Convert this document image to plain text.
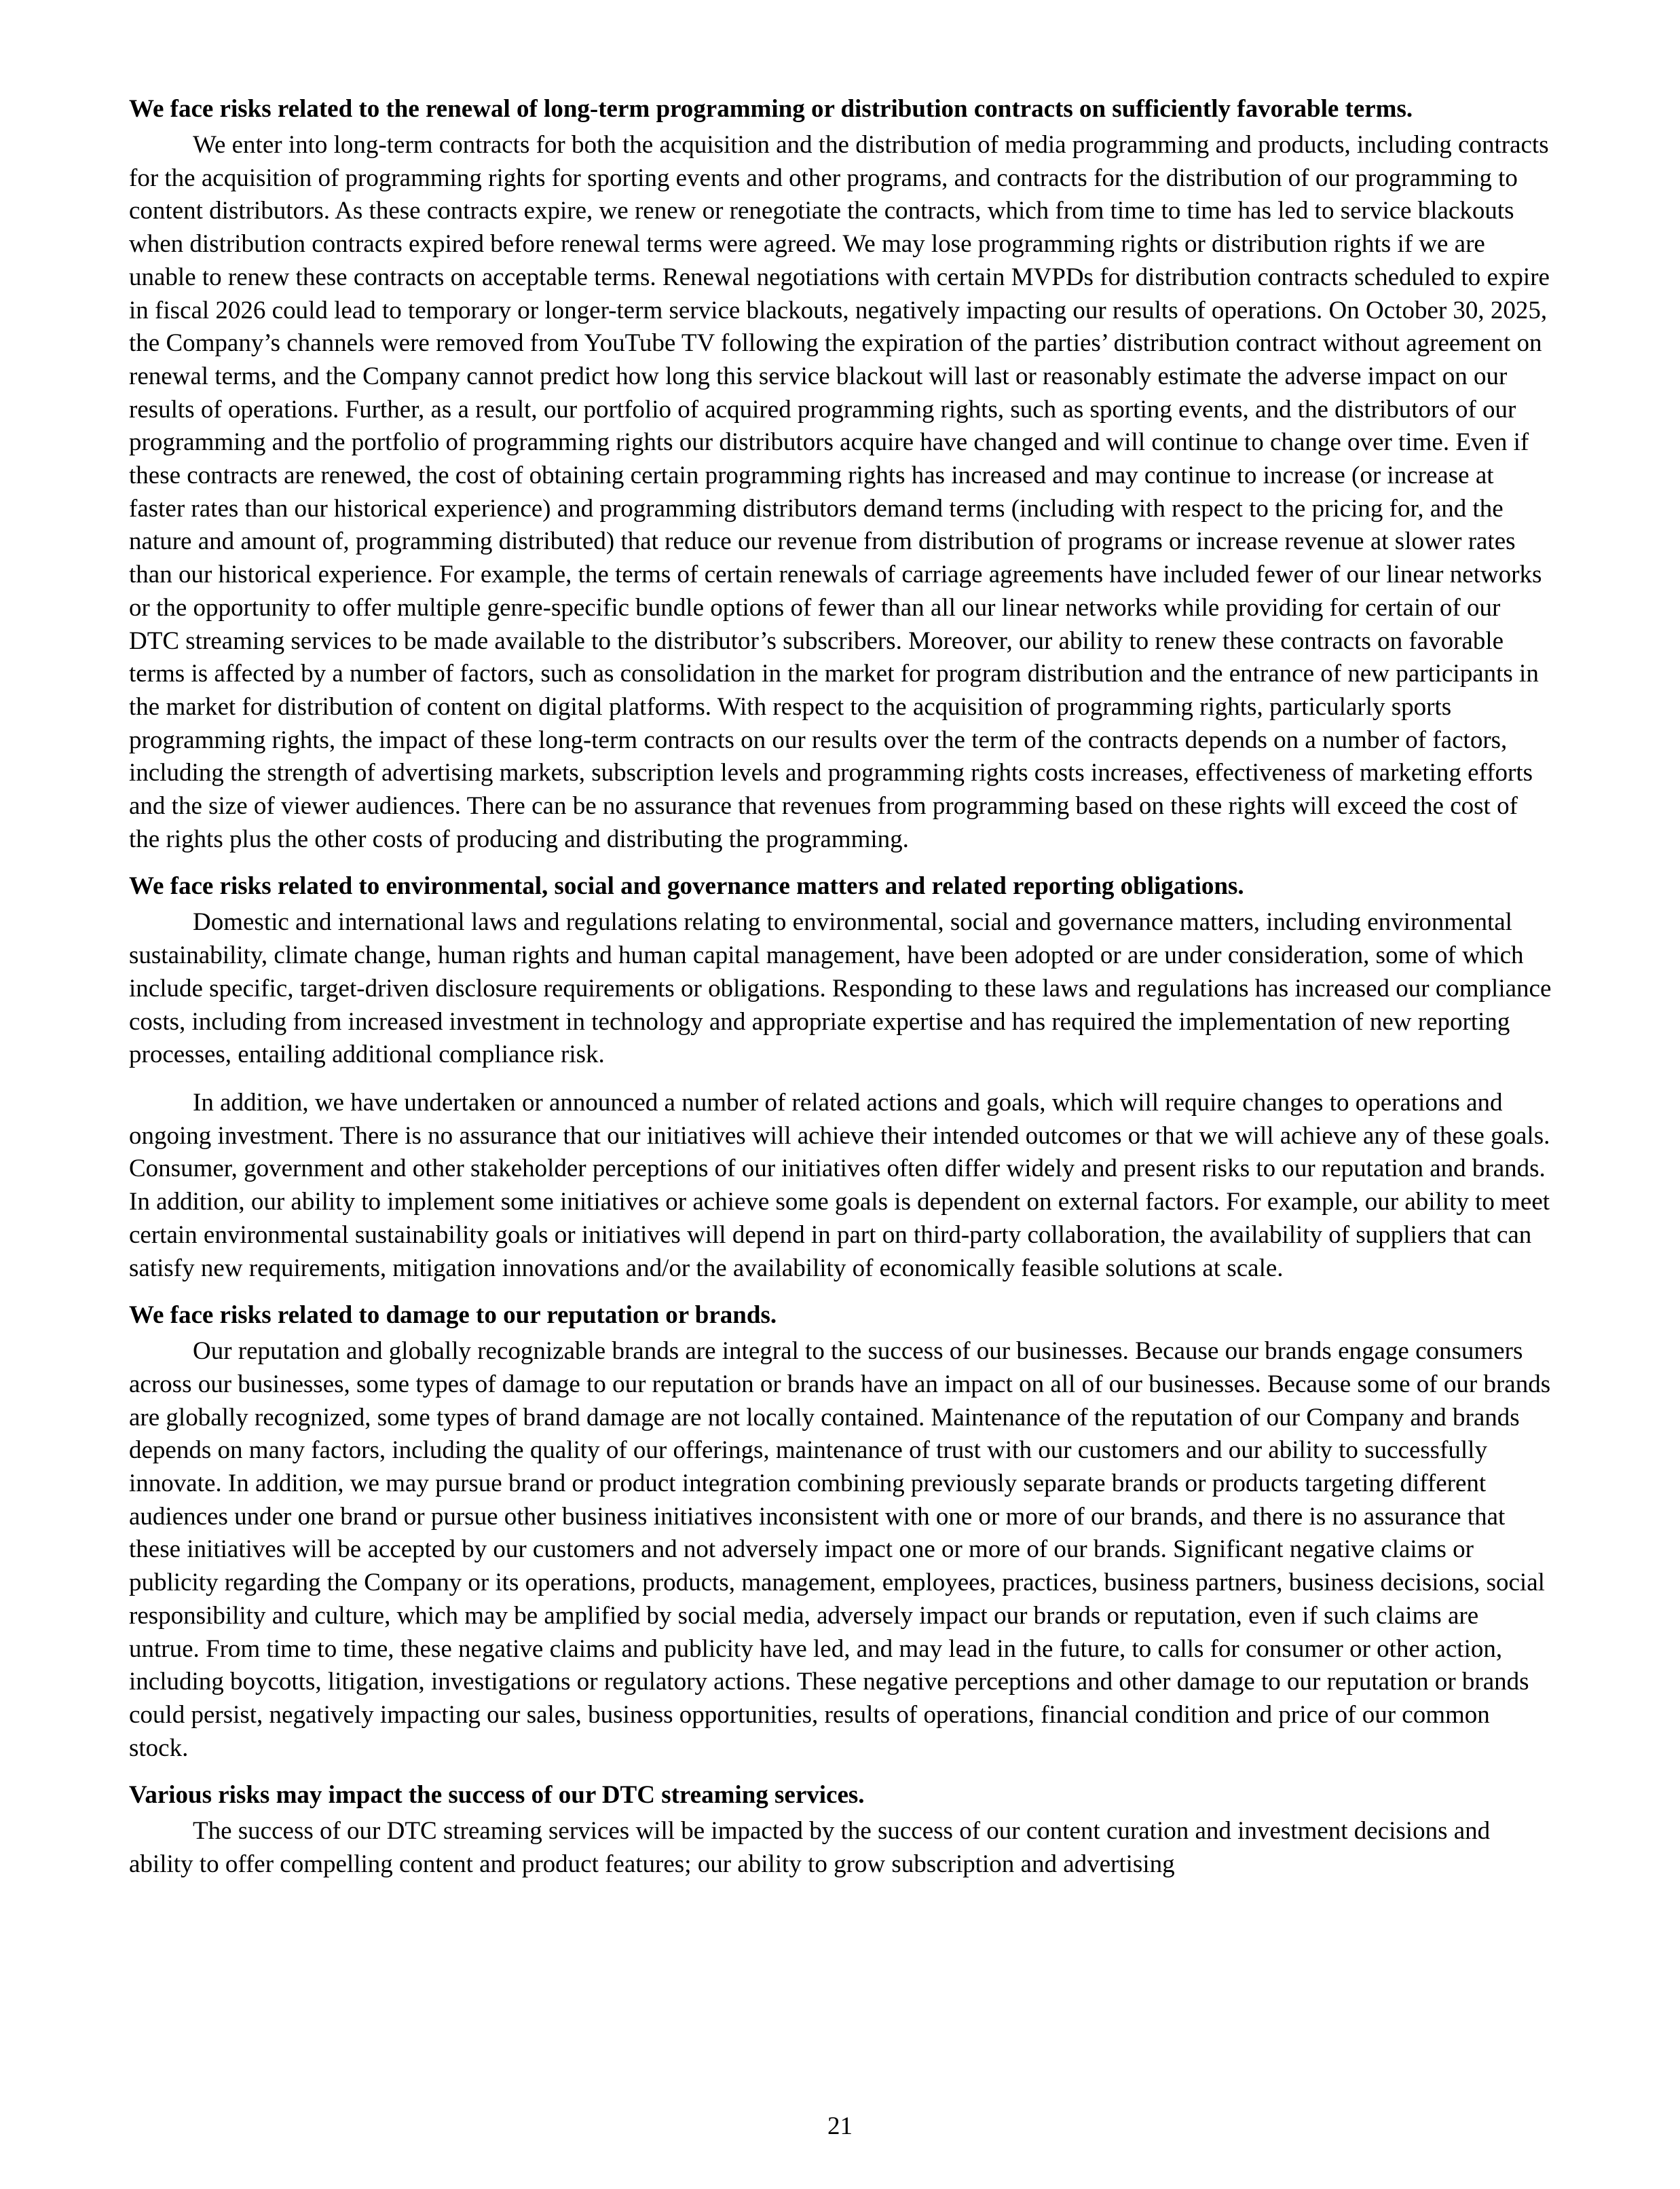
We face risks related to the renewal of long-term programming or distribution contracts on sufficiently favorable terms.

We enter into long-term contracts for both the acquisition and the distribution of media programming and products, including contracts for the acquisition of programming rights for sporting events and other programs, and contracts for the distribution of our programming to content distributors. As these contracts expire, we renew or renegotiate the contracts, which from time to time has led to service blackouts when distribution contracts expired before renewal terms were agreed. We may lose programming rights or distribution rights if we are unable to renew these contracts on acceptable terms. Renewal negotiations with certain MVPDs for distribution contracts scheduled to expire in fiscal 2026 could lead to temporary or longer-term service blackouts, negatively impacting our results of operations. On October 30, 2025, the Company’s channels were removed from YouTube TV following the expiration of the parties’ distribution contract without agreement on renewal terms, and the Company cannot predict how long this service blackout will last or reasonably estimate the adverse impact on our results of operations. Further, as a result, our portfolio of acquired programming rights, such as sporting events, and the distributors of our programming and the portfolio of programming rights our distributors acquire have changed and will continue to change over time. Even if these contracts are renewed, the cost of obtaining certain programming rights has increased and may continue to increase (or increase at faster rates than our historical experience) and programming distributors demand terms (including with respect to the pricing for, and the nature and amount of, programming distributed) that reduce our revenue from distribution of programs or increase revenue at slower rates than our historical experience. For example, the terms of certain renewals of carriage agreements have included fewer of our linear networks or the opportunity to offer multiple genre-specific bundle options of fewer than all our linear networks while providing for certain of our DTC streaming services to be made available to the distributor’s subscribers. Moreover, our ability to renew these contracts on favorable terms is affected by a number of factors, such as consolidation in the market for program distribution and the entrance of new participants in the market for distribution of content on digital platforms. With respect to the acquisition of programming rights, particularly sports programming rights, the impact of these long-term contracts on our results over the term of the contracts depends on a number of factors, including the strength of advertising markets, subscription levels and programming rights costs increases, effectiveness of marketing efforts and the size of viewer audiences. There can be no assurance that revenues from programming based on these rights will exceed the cost of the rights plus the other costs of producing and distributing the programming.

We face risks related to environmental, social and governance matters and related reporting obligations.

Domestic and international laws and regulations relating to environmental, social and governance matters, including environmental sustainability, climate change, human rights and human capital management, have been adopted or are under consideration, some of which include specific, target-driven disclosure requirements or obligations. Responding to these laws and regulations has increased our compliance costs, including from increased investment in technology and appropriate expertise and has required the implementation of new reporting processes, entailing additional compliance risk.

In addition, we have undertaken or announced a number of related actions and goals, which will require changes to operations and ongoing investment. There is no assurance that our initiatives will achieve their intended outcomes or that we will achieve any of these goals. Consumer, government and other stakeholder perceptions of our initiatives often differ widely and present risks to our reputation and brands. In addition, our ability to implement some initiatives or achieve some goals is dependent on external factors. For example, our ability to meet certain environmental sustainability goals or initiatives will depend in part on third-party collaboration, the availability of suppliers that can satisfy new requirements, mitigation innovations and/or the availability of economically feasible solutions at scale.

We face risks related to damage to our reputation or brands.

Our reputation and globally recognizable brands are integral to the success of our businesses. Because our brands engage consumers across our businesses, some types of damage to our reputation or brands have an impact on all of our businesses. Because some of our brands are globally recognized, some types of brand damage are not locally contained. Maintenance of the reputation of our Company and brands depends on many factors, including the quality of our offerings, maintenance of trust with our customers and our ability to successfully innovate. In addition, we may pursue brand or product integration combining previously separate brands or products targeting different audiences under one brand or pursue other business initiatives inconsistent with one or more of our brands, and there is no assurance that these initiatives will be accepted by our customers and not adversely impact one or more of our brands. Significant negative claims or publicity regarding the Company or its operations, products, management, employees, practices, business partners, business decisions, social responsibility and culture, which may be amplified by social media, adversely impact our brands or reputation, even if such claims are untrue. From time to time, these negative claims and publicity have led, and may lead in the future, to calls for consumer or other action, including boycotts, litigation, investigations or regulatory actions. These negative perceptions and other damage to our reputation or brands could persist, negatively impacting our sales, business opportunities, results of operations, financial condition and price of our common stock.

Various risks may impact the success of our DTC streaming services.

The success of our DTC streaming services will be impacted by the success of our content curation and investment decisions and ability to offer compelling content and product features; our ability to grow subscription and advertising

21
